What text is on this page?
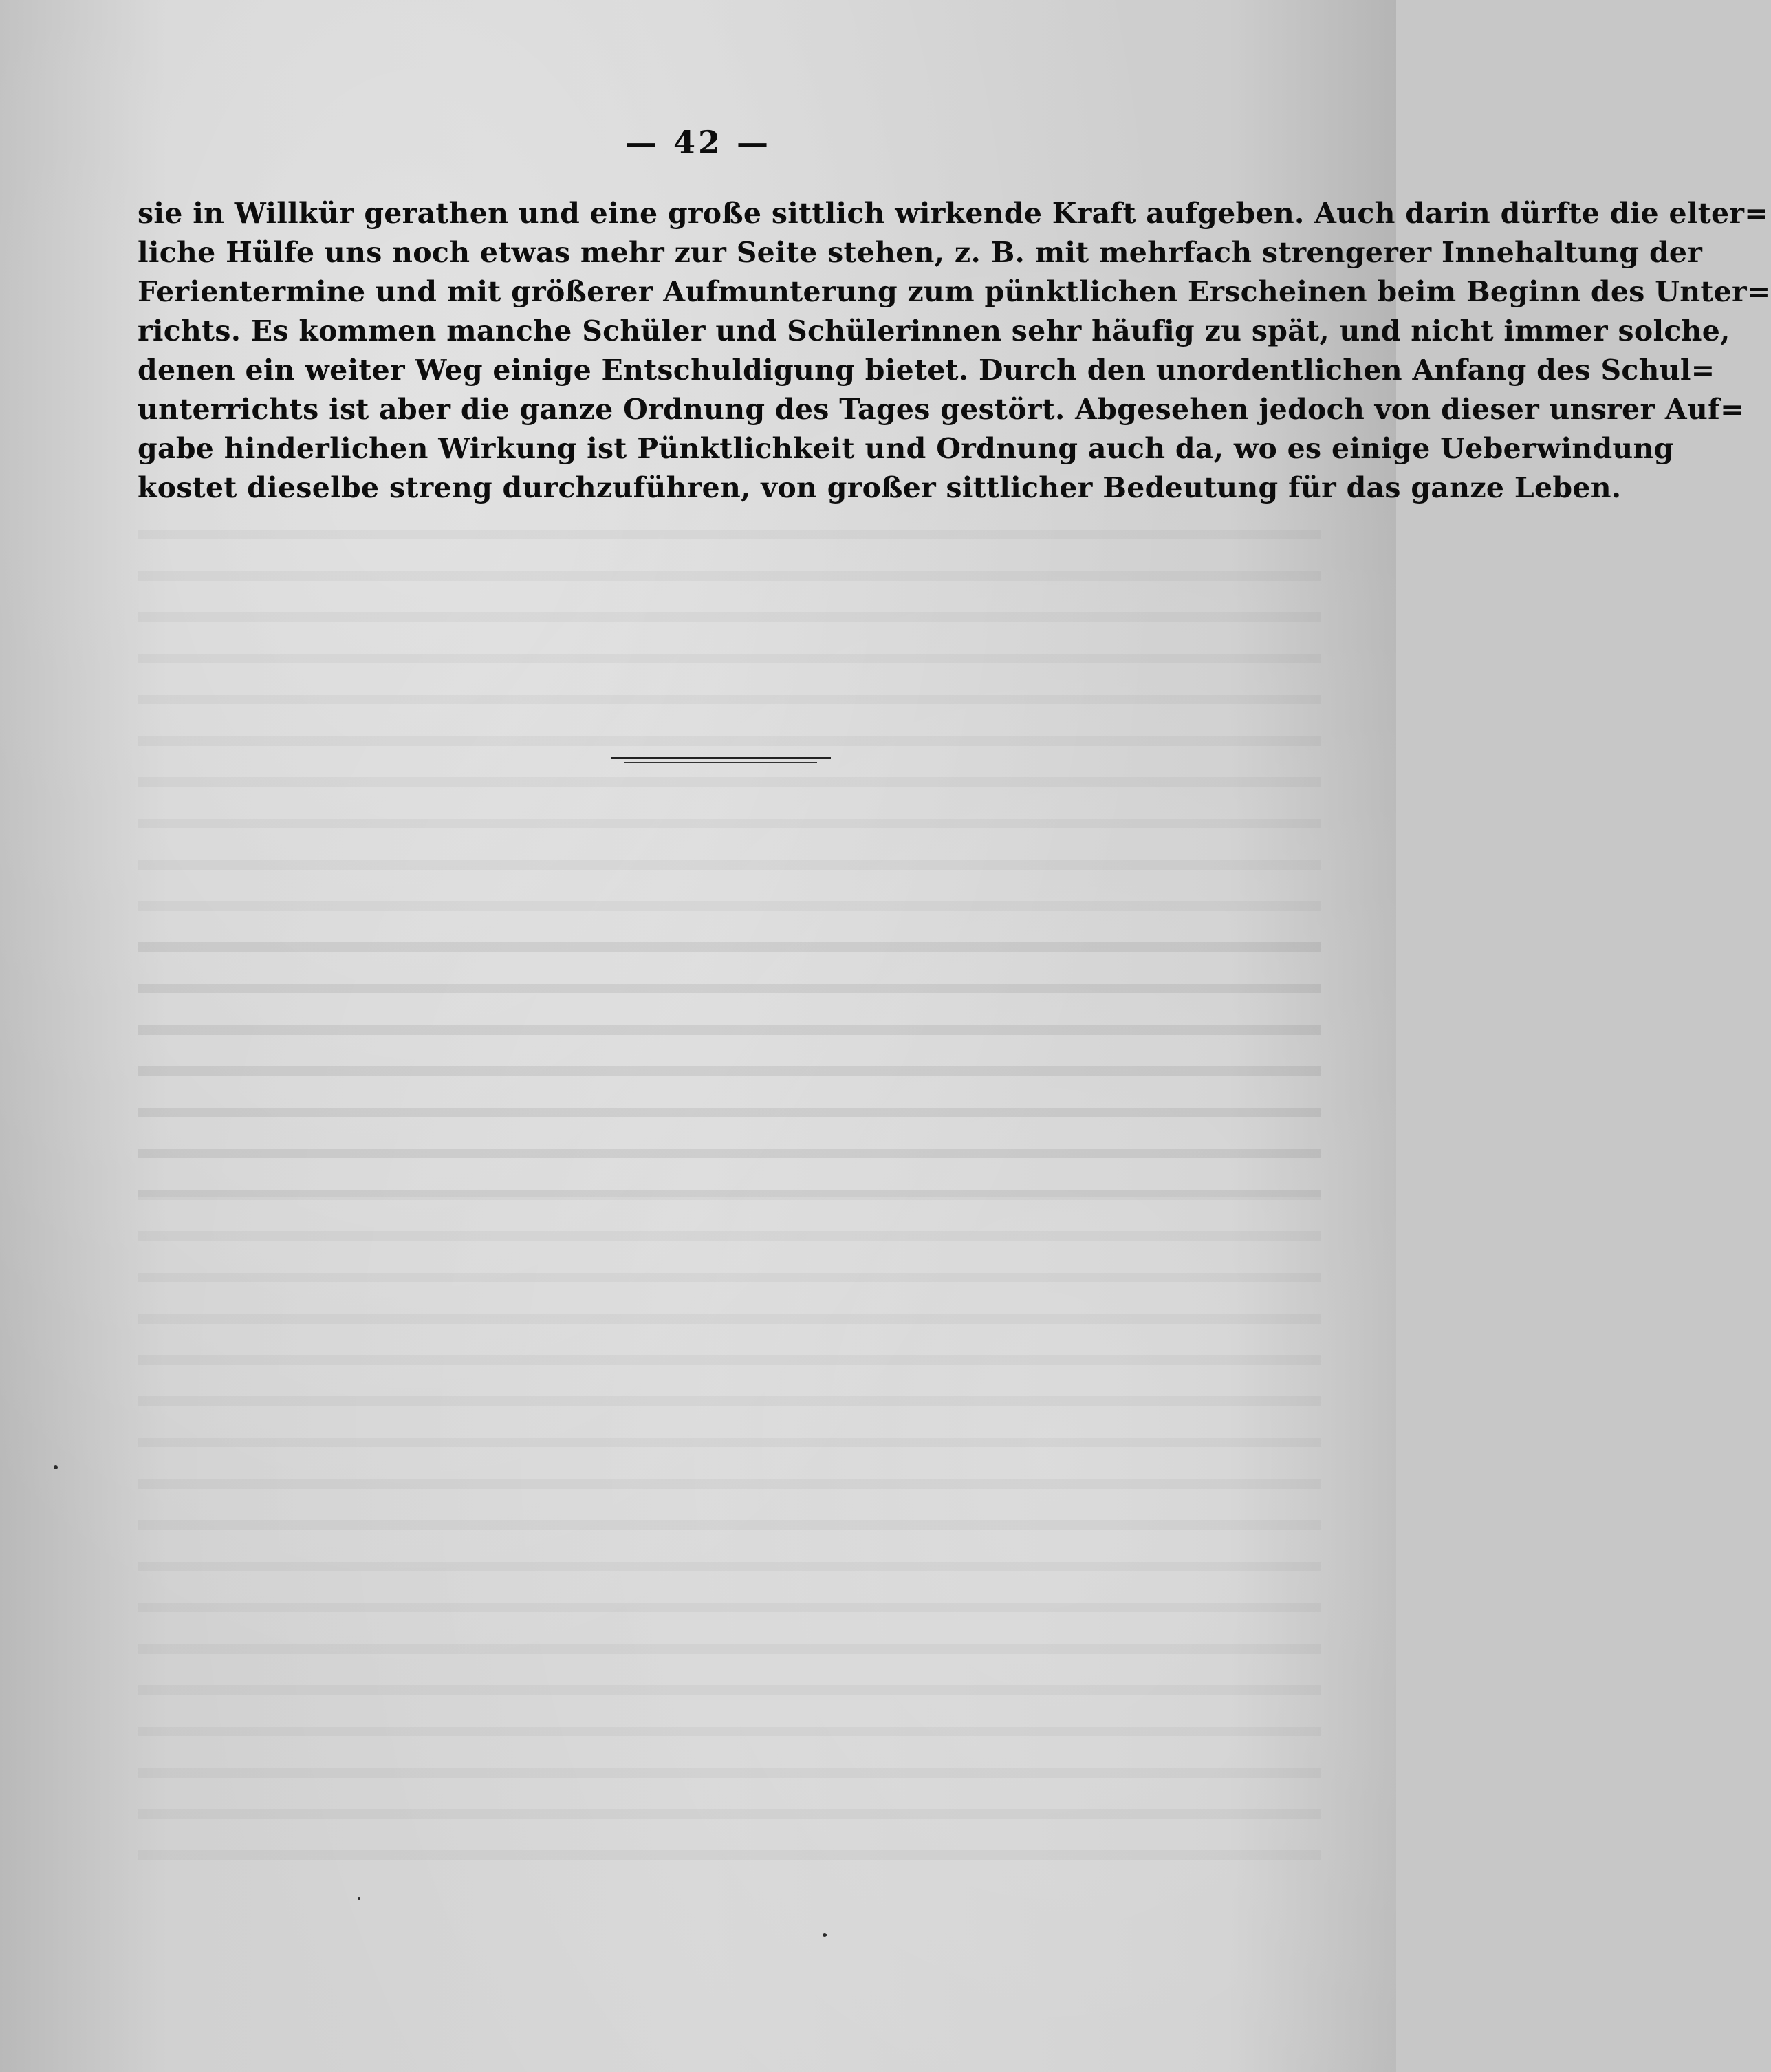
— 42 —
sie in Willkür gerathen und eine große sittlich wirkende Kraft aufgeben. Auch darin dürfte die elter=
liche Hülfe uns noch etwas mehr zur Seite stehen, z. B. mit mehrfach strengerer Innehaltung der
Ferientermine und mit größerer Aufmunterung zum pünktlichen Erscheinen beim Beginn des Unter=
richts. Es kommen manche Schüler und Schülerinnen sehr häufig zu spät, und nicht immer solche,
denen ein weiter Weg einige Entschuldigung bietet. Durch den unordentlichen Anfang des Schul=
unterrichts ist aber die ganze Ordnung des Tages gestört. Abgesehen jedoch von dieser unsrer Auf=
gabe hinderlichen Wirkung ist Pünktlichkeit und Ordnung auch da, wo es einige Ueberwindung
kostet dieselbe streng durchzuführen, von großer sittlicher Bedeutung für das ganze Leben.
